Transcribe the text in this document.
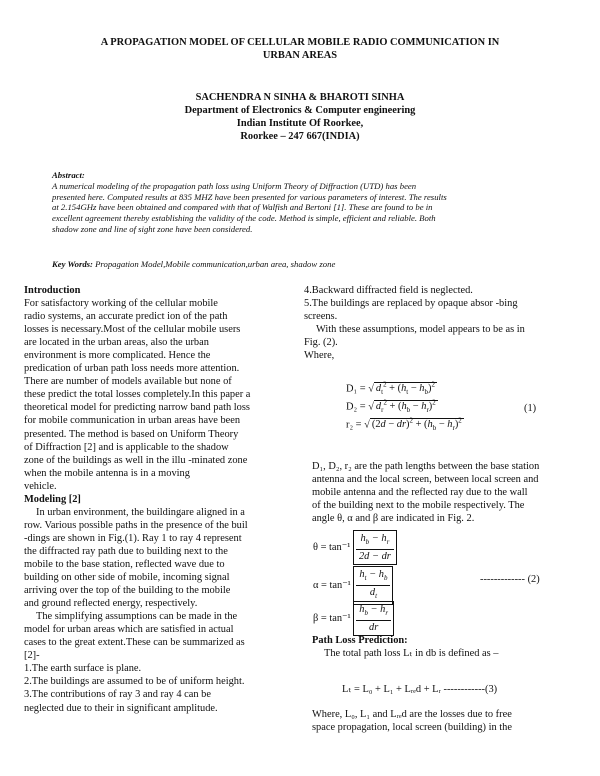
A PROPAGATION MODEL OF CELLULAR MOBILE RADIO COMMUNICATION IN
URBAN AREAS
SACHENDRA N SINHA & BHAROTI SINHA
Department of Electronics & Computer engineering
Indian Institute Of Roorkee,
Roorkee – 247 667(INDIA)
Abstract:
A numerical modeling of the propagation path loss using Uniform Theory of Diffraction (UTD) has been
presented here. Computed results at 835 MHZ have been presented for various parameters of interest. The results
at 2.154GHz have been obtained and compared with that of Walfish and Bertoni [1]. These are found to be in
excellent agreement thereby establishing the validity of the code. Method is simple, efficient and reliable. Both
shadow zone and line of sight zone have been considered.
Key Words: Propagation Model,Mobile communication,urban area, shadow zone
Introduction
For satisfactory working of the cellular mobile
radio systems, an accurate predict ion of the path
losses is necessary.Most of the cellular mobile users
are located in the urban areas, also the urban
environment is more complicated. Hence the
predication of urban path loss needs more attention.
There are number of models available but none of
these predict the total losses completely.In this paper a
theoretical model for predicting narrow band path loss
for mobile communication in urban areas have been
presented. The method is based on Uniform Theory
of Diffraction [2] and is applicable to the shadow
zone of the buildings as well in the illu -minated zone
when the mobile antenna is in a moving
vehicle.
Modeling [2]
In urban environment, the buildingare aligned in a
row. Various possible paths in the presence of the buil
-dings are shown in Fig.(1). Ray 1 to ray 4 represent
the diffracted ray path due to building next to the
mobile to the base station, reflected wave due to
building on other side of mobile, incoming signal
arriving over the top of the building to the mobile
and ground reflected energy, respectively.
The simplifying assumptions can be made in the
model for urban areas which are satisfied in actual
cases to the great extent.These can be summarized as
[2]-
1.The earth surface is plane.
2.The buildings are assumed to be of uniform height.
3.The contributions of ray 3 and ray 4 can be
neglected due to their in significant amplitude.
4.Backward diffracted field is neglected.
5.The buildings are replaced by opaque absor -bing
screens.
With these assumptions, model appears to be as in
Fig. (2).
Where,
D₁ = √ $d_t^2 + (h_t - h_b)^2$
D₂ = √ $d_r^2 + (h_b - h_r)^2$
r₂ = √ $(2d - dr)^2 + (h_b - h_r)^2$
(1)
D₁, D₂, r₂ are the path lengths between the base station
antenna and the local screen, between local screen and
mobile antenna and the reflected ray due to the wall
of the building next to the mobile respectively. The
angle θ, α and β are indicated in Fig. 2.
$\theta = \tan^{-1} \frac{h_b - h_r}{2d - dr}$
$\alpha = \tan^{-1} \frac{h_t - h_b}{d_t}$	------------- (2)
$\beta = \tan^{-1} \frac{h_b - h_r}{dr}$
Path Loss Prediction:
The total path loss Lₜ in db is defined as –
Lₜ = L₀ + L₁ + Lᵣₑd + Lᵣ ------------(3)
Where, L₀, L₁ and Lᵣₑd are the losses due to free
space propagation, local screen (building) in the
